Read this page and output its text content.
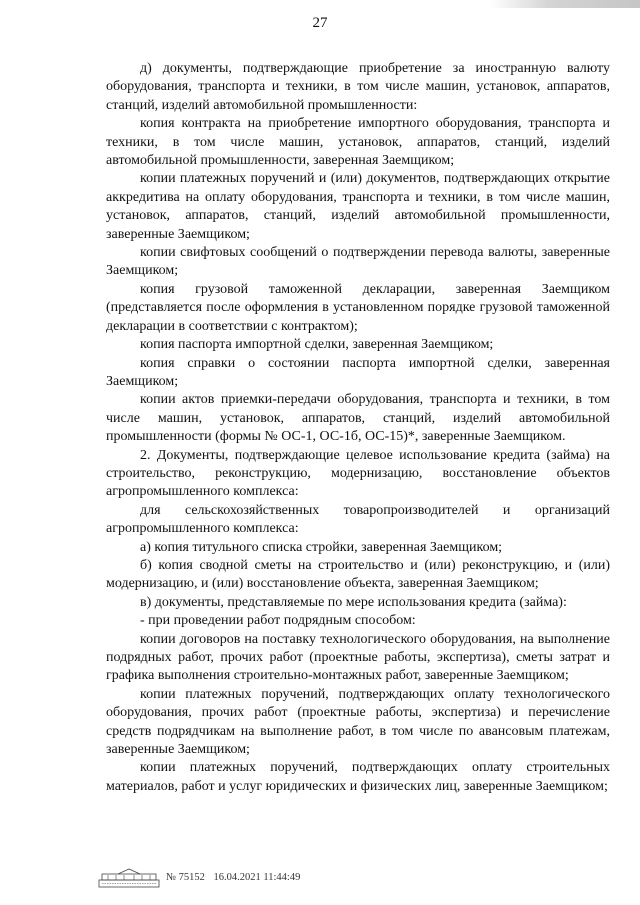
27

д) документы, подтверждающие приобретение за иностранную валюту оборудования, транспорта и техники, в том числе машин, установок, аппаратов, станций, изделий автомобильной промышленности:

копия контракта на приобретение импортного оборудования, транспорта и техники, в том числе машин, установок, аппаратов, станций, изделий автомобильной промышленности, заверенная Заемщиком;

копии платежных поручений и (или) документов, подтверждающих открытие аккредитива на оплату оборудования, транспорта и техники, в том числе машин, установок, аппаратов, станций, изделий автомобильной промышленности, заверенные Заемщиком;

копии свифтовых сообщений о подтверждении перевода валюты, заверенные Заемщиком;

копия грузовой таможенной декларации, заверенная Заемщиком (представляется после оформления в установленном порядке грузовой таможенной декларации в соответствии с контрактом);

копия паспорта импортной сделки, заверенная Заемщиком;

копия справки о состоянии паспорта импортной сделки, заверенная Заемщиком;

копии актов приемки-передачи оборудования, транспорта и техники, в том числе машин, установок, аппаратов, станций, изделий автомобильной промышленности (формы № ОС-1, ОС-1б, ОС-15)*, заверенные Заемщиком.

2. Документы, подтверждающие целевое использование кредита (займа) на строительство, реконструкцию, модернизацию, восстановление объектов агропромышленного комплекса:

для сельскохозяйственных товаропроизводителей и организаций агропромышленного комплекса:

а) копия титульного списка стройки, заверенная Заемщиком;

б) копия сводной сметы на строительство и (или) реконструкцию, и (или) модернизацию, и (или) восстановление объекта, заверенная Заемщиком;

в) документы, представляемые по мере использования кредита (займа):

- при проведении работ подрядным способом:

копии договоров на поставку технологического оборудования, на выполнение подрядных работ, прочих работ (проектные работы, экспертиза), сметы затрат и графика выполнения строительно-монтажных работ, заверенные Заемщиком;

копии платежных поручений, подтверждающих оплату технологического оборудования, прочих работ (проектные работы, экспертиза) и перечисление средств подрядчикам на выполнение работ, в том числе по авансовым платежам, заверенные Заемщиком;

копии платежных поручений, подтверждающих оплату строительных материалов, работ и услуг юридических и физических лиц, заверенные Заемщиком;

№ 75152 16.04.2021 11:44:49
